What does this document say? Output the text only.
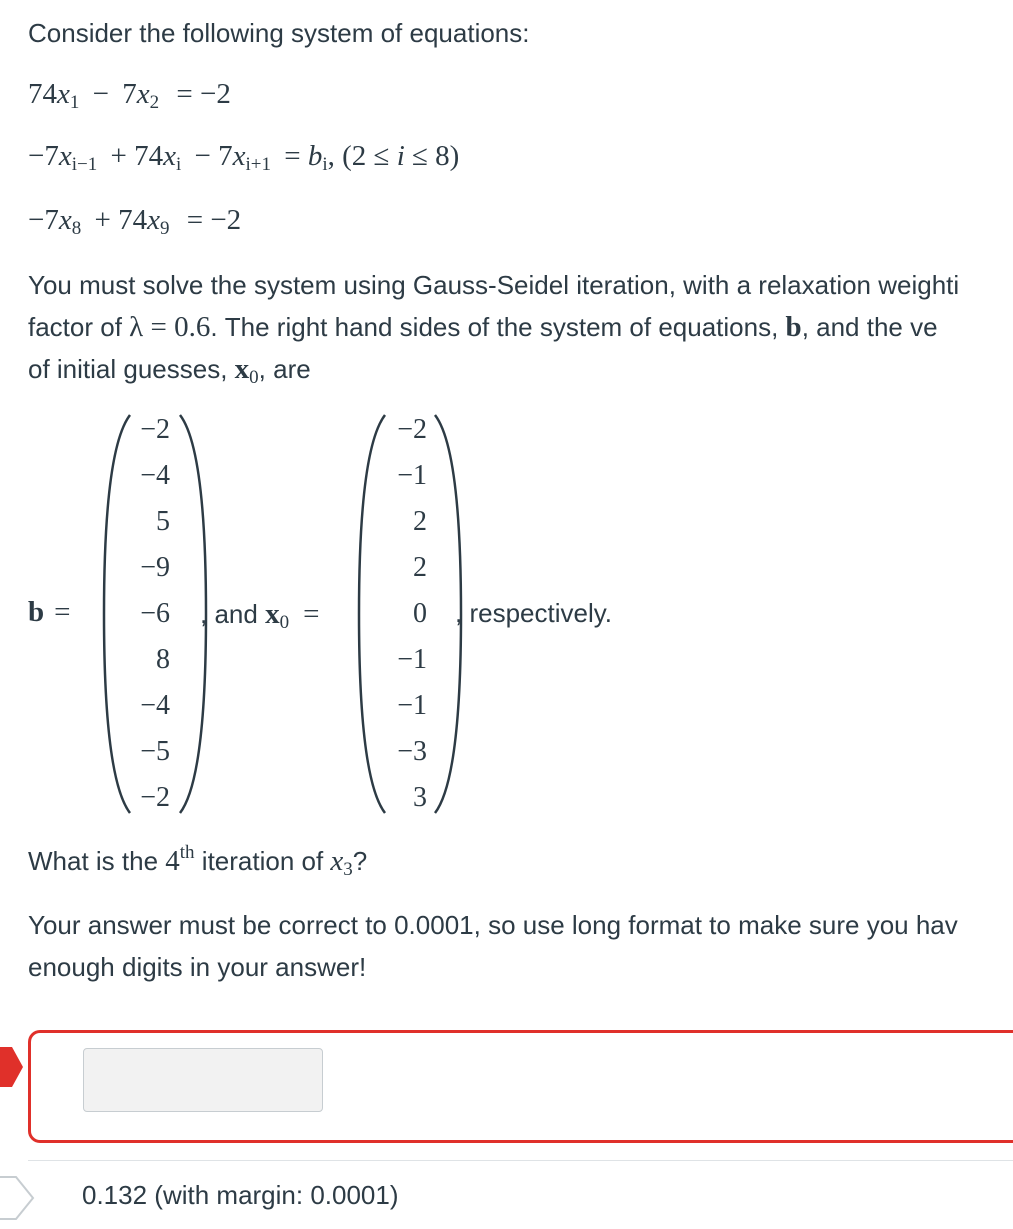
Consider the following system of equations:
$74x_1 - 7x_2 = -2$
$-7x_{i-1} + 74x_i - 7x_{i+1} = b_i$, (2 ≤ i ≤ 8)
$-7x_8 + 74x_9 = -2$
You must solve the system using Gauss-Seidel iteration, with a relaxation weighti
factor of λ = 0.6. The right hand sides of the system of equations, b, and the ve
of initial guesses, $x_0$, are
b =
−2
−4
5
−9
−6
8
−4
−5
−2
, and $x_0$ =
−2
−1
2
2
0
−1
−1
−3
3
, respectively.
What is the 4th iteration of $x_3$?
Your answer must be correct to 0.0001, so use long format to make sure you hav
enough digits in your answer!
0.132 (with margin: 0.0001)
